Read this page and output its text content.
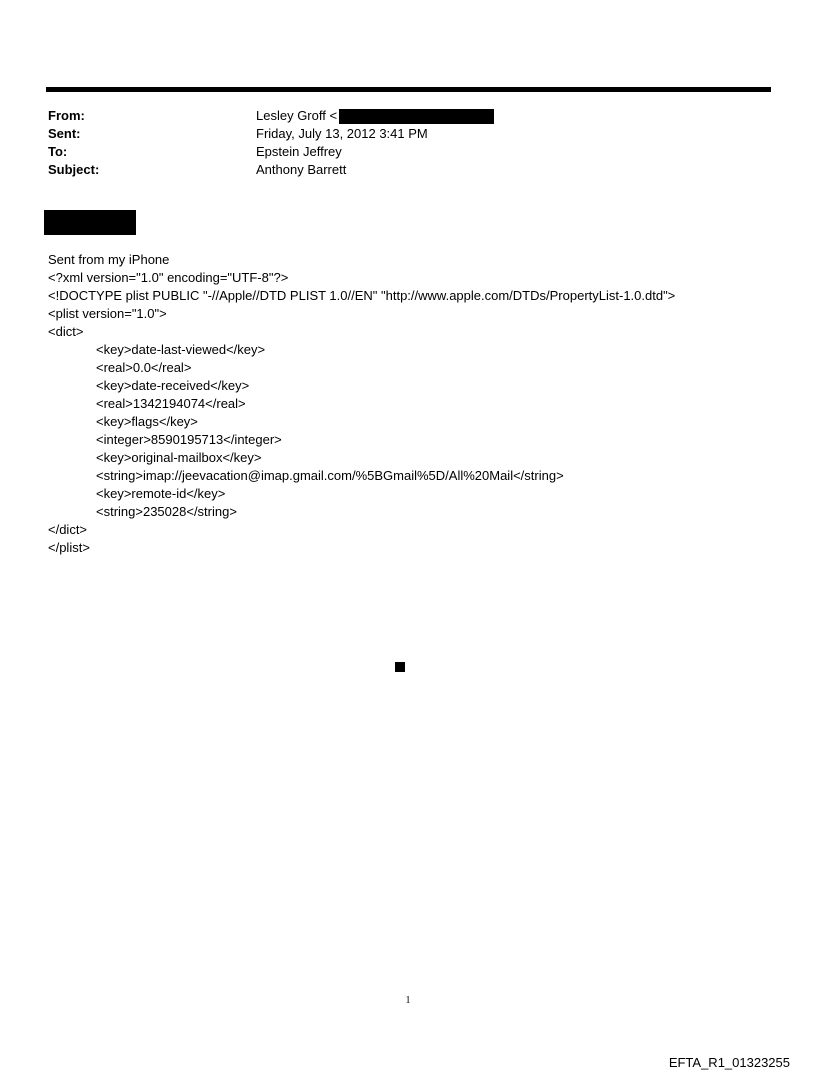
From:	Lesley Groff <
Sent:	Friday, July 13, 2012 3:41 PM
To:	Epstein Jeffrey
Subject:	Anthony Barrett
Sent from my iPhone
<?xml version="1.0" encoding="UTF-8"?>
<!DOCTYPE plist PUBLIC "-//Apple//DTD PLIST 1.0//EN" "http://www.apple.com/DTDs/PropertyList-1.0.dtd">
<plist version="1.0">
<dict>
<key>date-last-viewed</key>
<real>0.0</real>
<key>date-received</key>
<real>1342194074</real>
<key>flags</key>
<integer>8590195713</integer>
<key>original-mailbox</key>
<string>imap://jeevacation@imap.gmail.com/%5BGmail%5D/All%20Mail</string>
<key>remote-id</key>
<string>235028</string>
</dict>
</plist>
1
EFTA_R1_01323255
